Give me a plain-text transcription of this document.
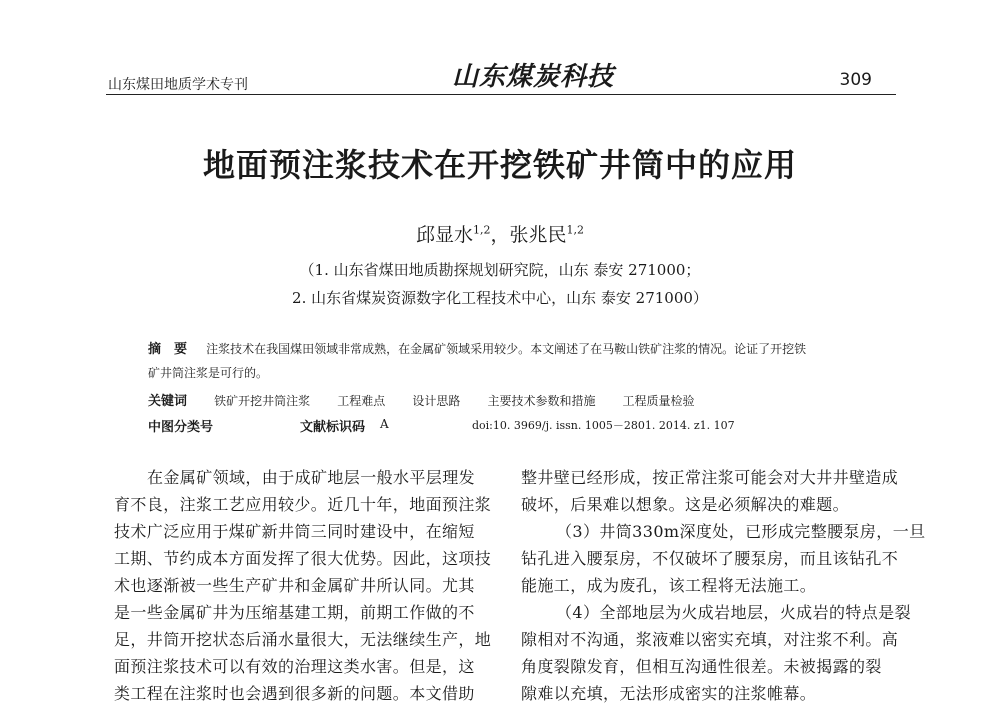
山东煤田地质学术专刊	山东煤炭科技	309
地面预注浆技术在开挖铁矿井筒中的应用
邱显水$^{1,2}$，张兆民$^{1,2}$
（1. 山东省煤田地质勘探规划研究院，山东 泰安 271000；
2. 山东省煤炭资源数字化工程技术中心，山东 泰安 271000）
摘　要 注浆技术在我国煤田领域非常成熟，在金属矿领域采用较少。本文阐述了在马鞍山铁矿注浆的情况。论证了开挖铁
矿井筒注浆是可行的。
关键词 铁矿开挖井筒注浆 工程难点 设计思路 主要技术参数和措施 工程质量检验
中图分类号	文献标识码 A	doi:10. 3969/j. issn. 1005－2801. 2014. z1. 107
在金属矿领域，由于成矿地层一般水平层理发
育不良，注浆工艺应用较少。近几十年，地面预注浆
技术广泛应用于煤矿新井筒三同时建设中，在缩短
工期、节约成本方面发挥了很大优势。因此，这项技
术也逐渐被一些生产矿井和金属矿井所认同。尤其
是一些金属矿井为压缩基建工期，前期工作做的不
足，井筒开挖状态后涌水量很大，无法继续生产，地
面预注浆技术可以有效的治理这类水害。但是，这
类工程在注浆时也会遇到很多新的问题。本文借助
整井壁已经形成，按正常注浆可能会对大井井壁造成
破坏，后果难以想象。这是必须解决的难题。
（3）井筒330m深度处，已形成完整腰泵房，一旦
钻孔进入腰泵房，不仅破坏了腰泵房，而且该钻孔不
能施工，成为废孔，该工程将无法施工。
（4）全部地层为火成岩地层，火成岩的特点是裂
隙相对不沟通，浆液难以密实充填，对注浆不利。高
角度裂隙发育，但相互沟通性很差。未被揭露的裂
隙难以充填，无法形成密实的注浆帷幕。
